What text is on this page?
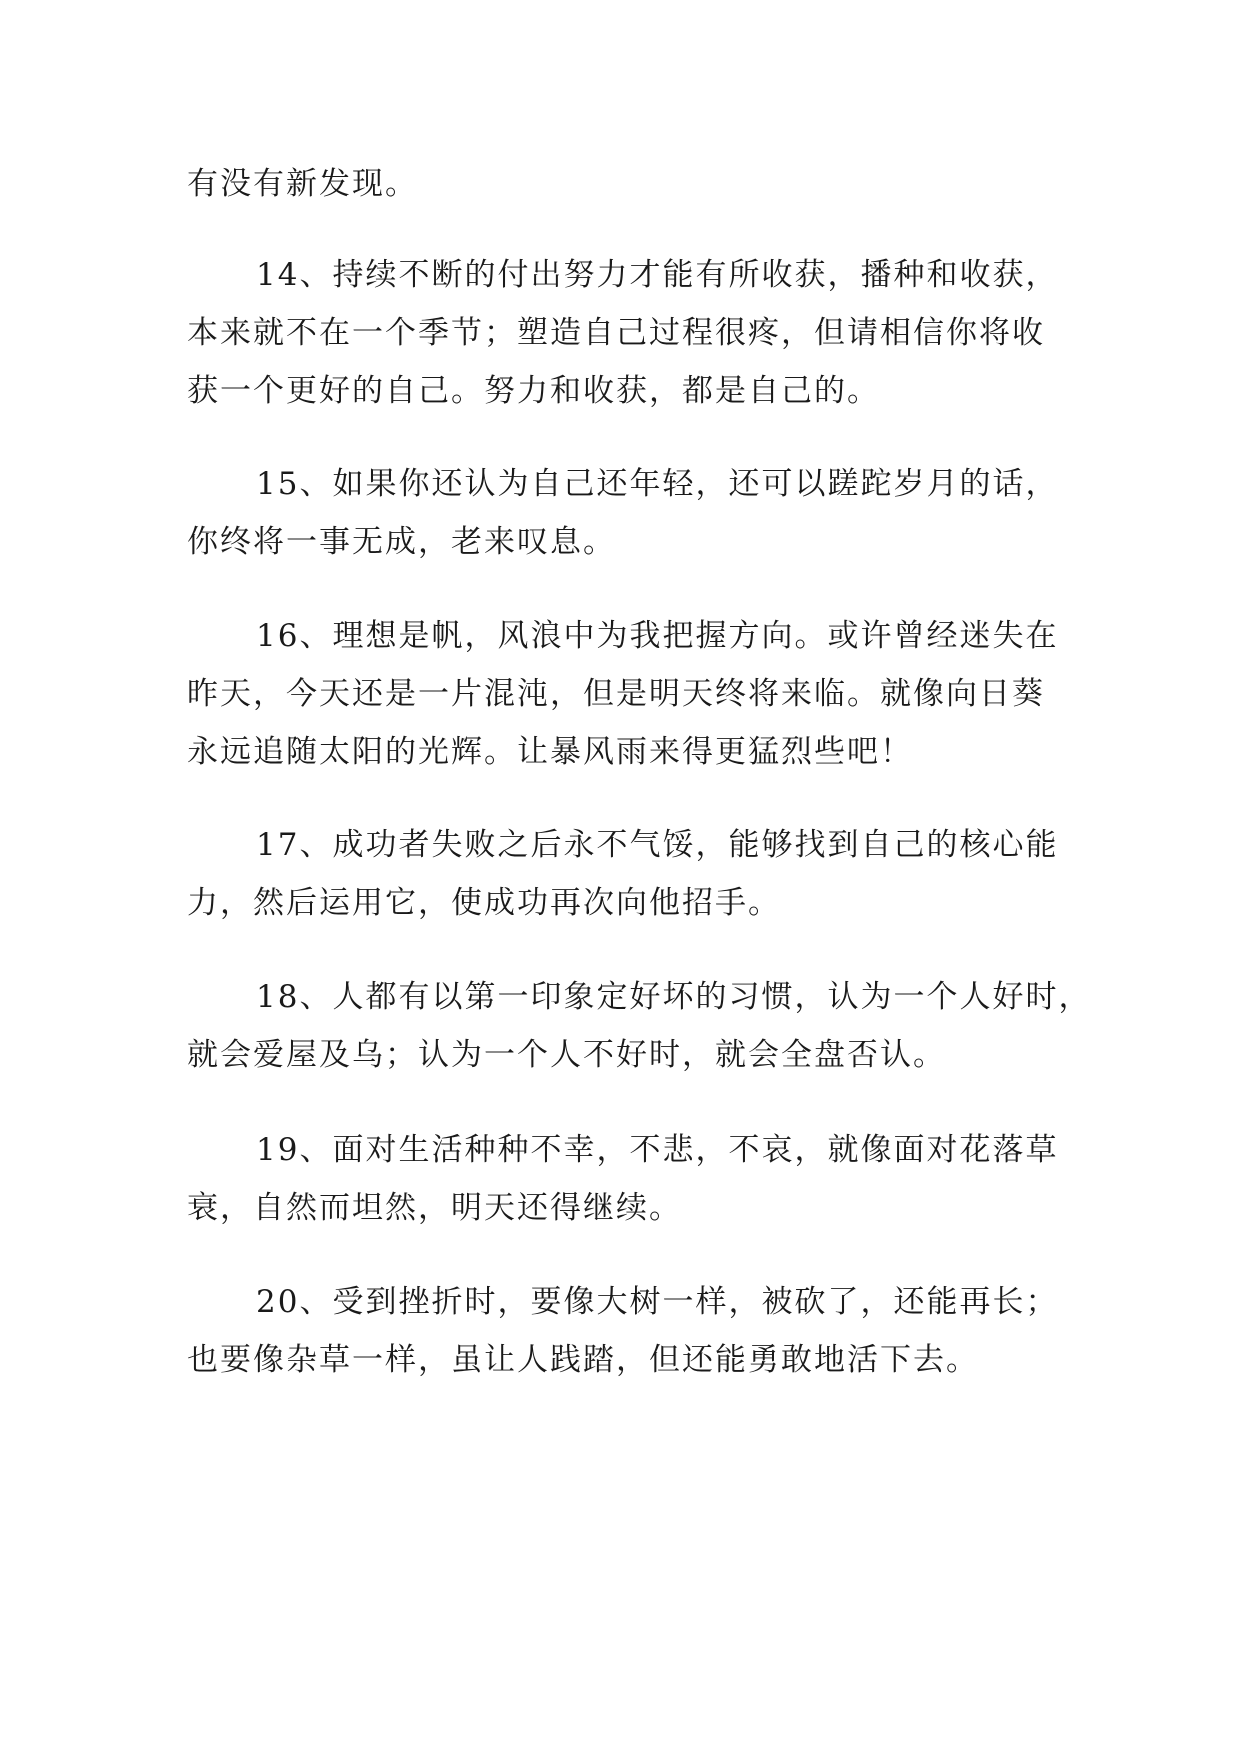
有没有新发现。
14、持续不断的付出努力才能有所收获，播种和收获，
本来就不在一个季节；塑造自己过程很疼，但请相信你将收
获一个更好的自己。努力和收获，都是自己的。
15、如果你还认为自己还年轻，还可以蹉跎岁月的话，
你终将一事无成，老来叹息。
16、理想是帆，风浪中为我把握方向。或许曾经迷失在
昨天，今天还是一片混沌，但是明天终将来临。就像向日葵
永远追随太阳的光辉。让暴风雨来得更猛烈些吧！
17、成功者失败之后永不气馁，能够找到自己的核心能
力，然后运用它，使成功再次向他招手。
18、人都有以第一印象定好坏的习惯，认为一个人好时，
就会爱屋及乌；认为一个人不好时，就会全盘否认。
19、面对生活种种不幸，不悲，不哀，就像面对花落草
衰，自然而坦然，明天还得继续。
20、受到挫折时，要像大树一样，被砍了，还能再长；
也要像杂草一样，虽让人践踏，但还能勇敢地活下去。
